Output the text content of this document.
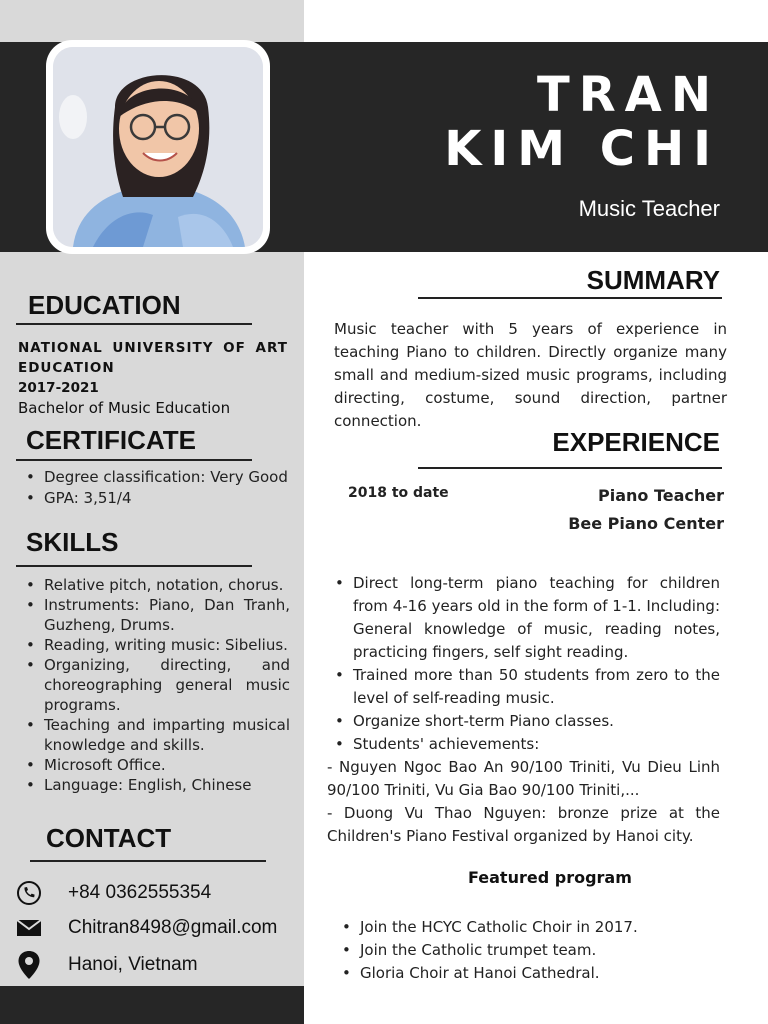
TRAN
KIM CHI
Music Teacher
EDUCATION
NATIONAL UNIVERSITY OF ART EDUCATION
2017-2021
Bachelor of Music Education
CERTIFICATE
• Degree classification: Very Good
• GPA: 3,51/4
SKILLS
• Relative pitch, notation, chorus.
• Instruments: Piano, Dan Tranh, Guzheng, Drums.
• Reading, writing music: Sibelius.
• Organizing, directing, and choreographing general music programs.
• Teaching and imparting musical knowledge and skills.
• Microsoft Office.
• Language: English, Chinese
CONTACT
+84 0362555354
Chitran8498@gmail.com
Hanoi, Vietnam
SUMMARY
Music teacher with 5 years of experience in teaching Piano to children. Directly organize many small and medium-sized music programs, including directing, costume, sound direction, partner connection.
EXPERIENCE
2018 to date	Piano Teacher
Bee Piano Center
• Direct long-term piano teaching for children from 4-16 years old in the form of 1-1. Including: General knowledge of music, reading notes, practicing fingers, self sight reading.
• Trained more than 50 students from zero to the level of self-reading music.
• Organize short-term Piano classes.
• Students' achievements:
- Nguyen Ngoc Bao An 90/100 Triniti, Vu Dieu Linh 90/100 Triniti, Vu Gia Bao 90/100 Triniti,...
- Duong Vu Thao Nguyen: bronze prize at the Children's Piano Festival organized by Hanoi city.
Featured program
• Join the HCYC Catholic Choir in 2017.
• Join the Catholic trumpet team.
• Gloria Choir at Hanoi Cathedral.
